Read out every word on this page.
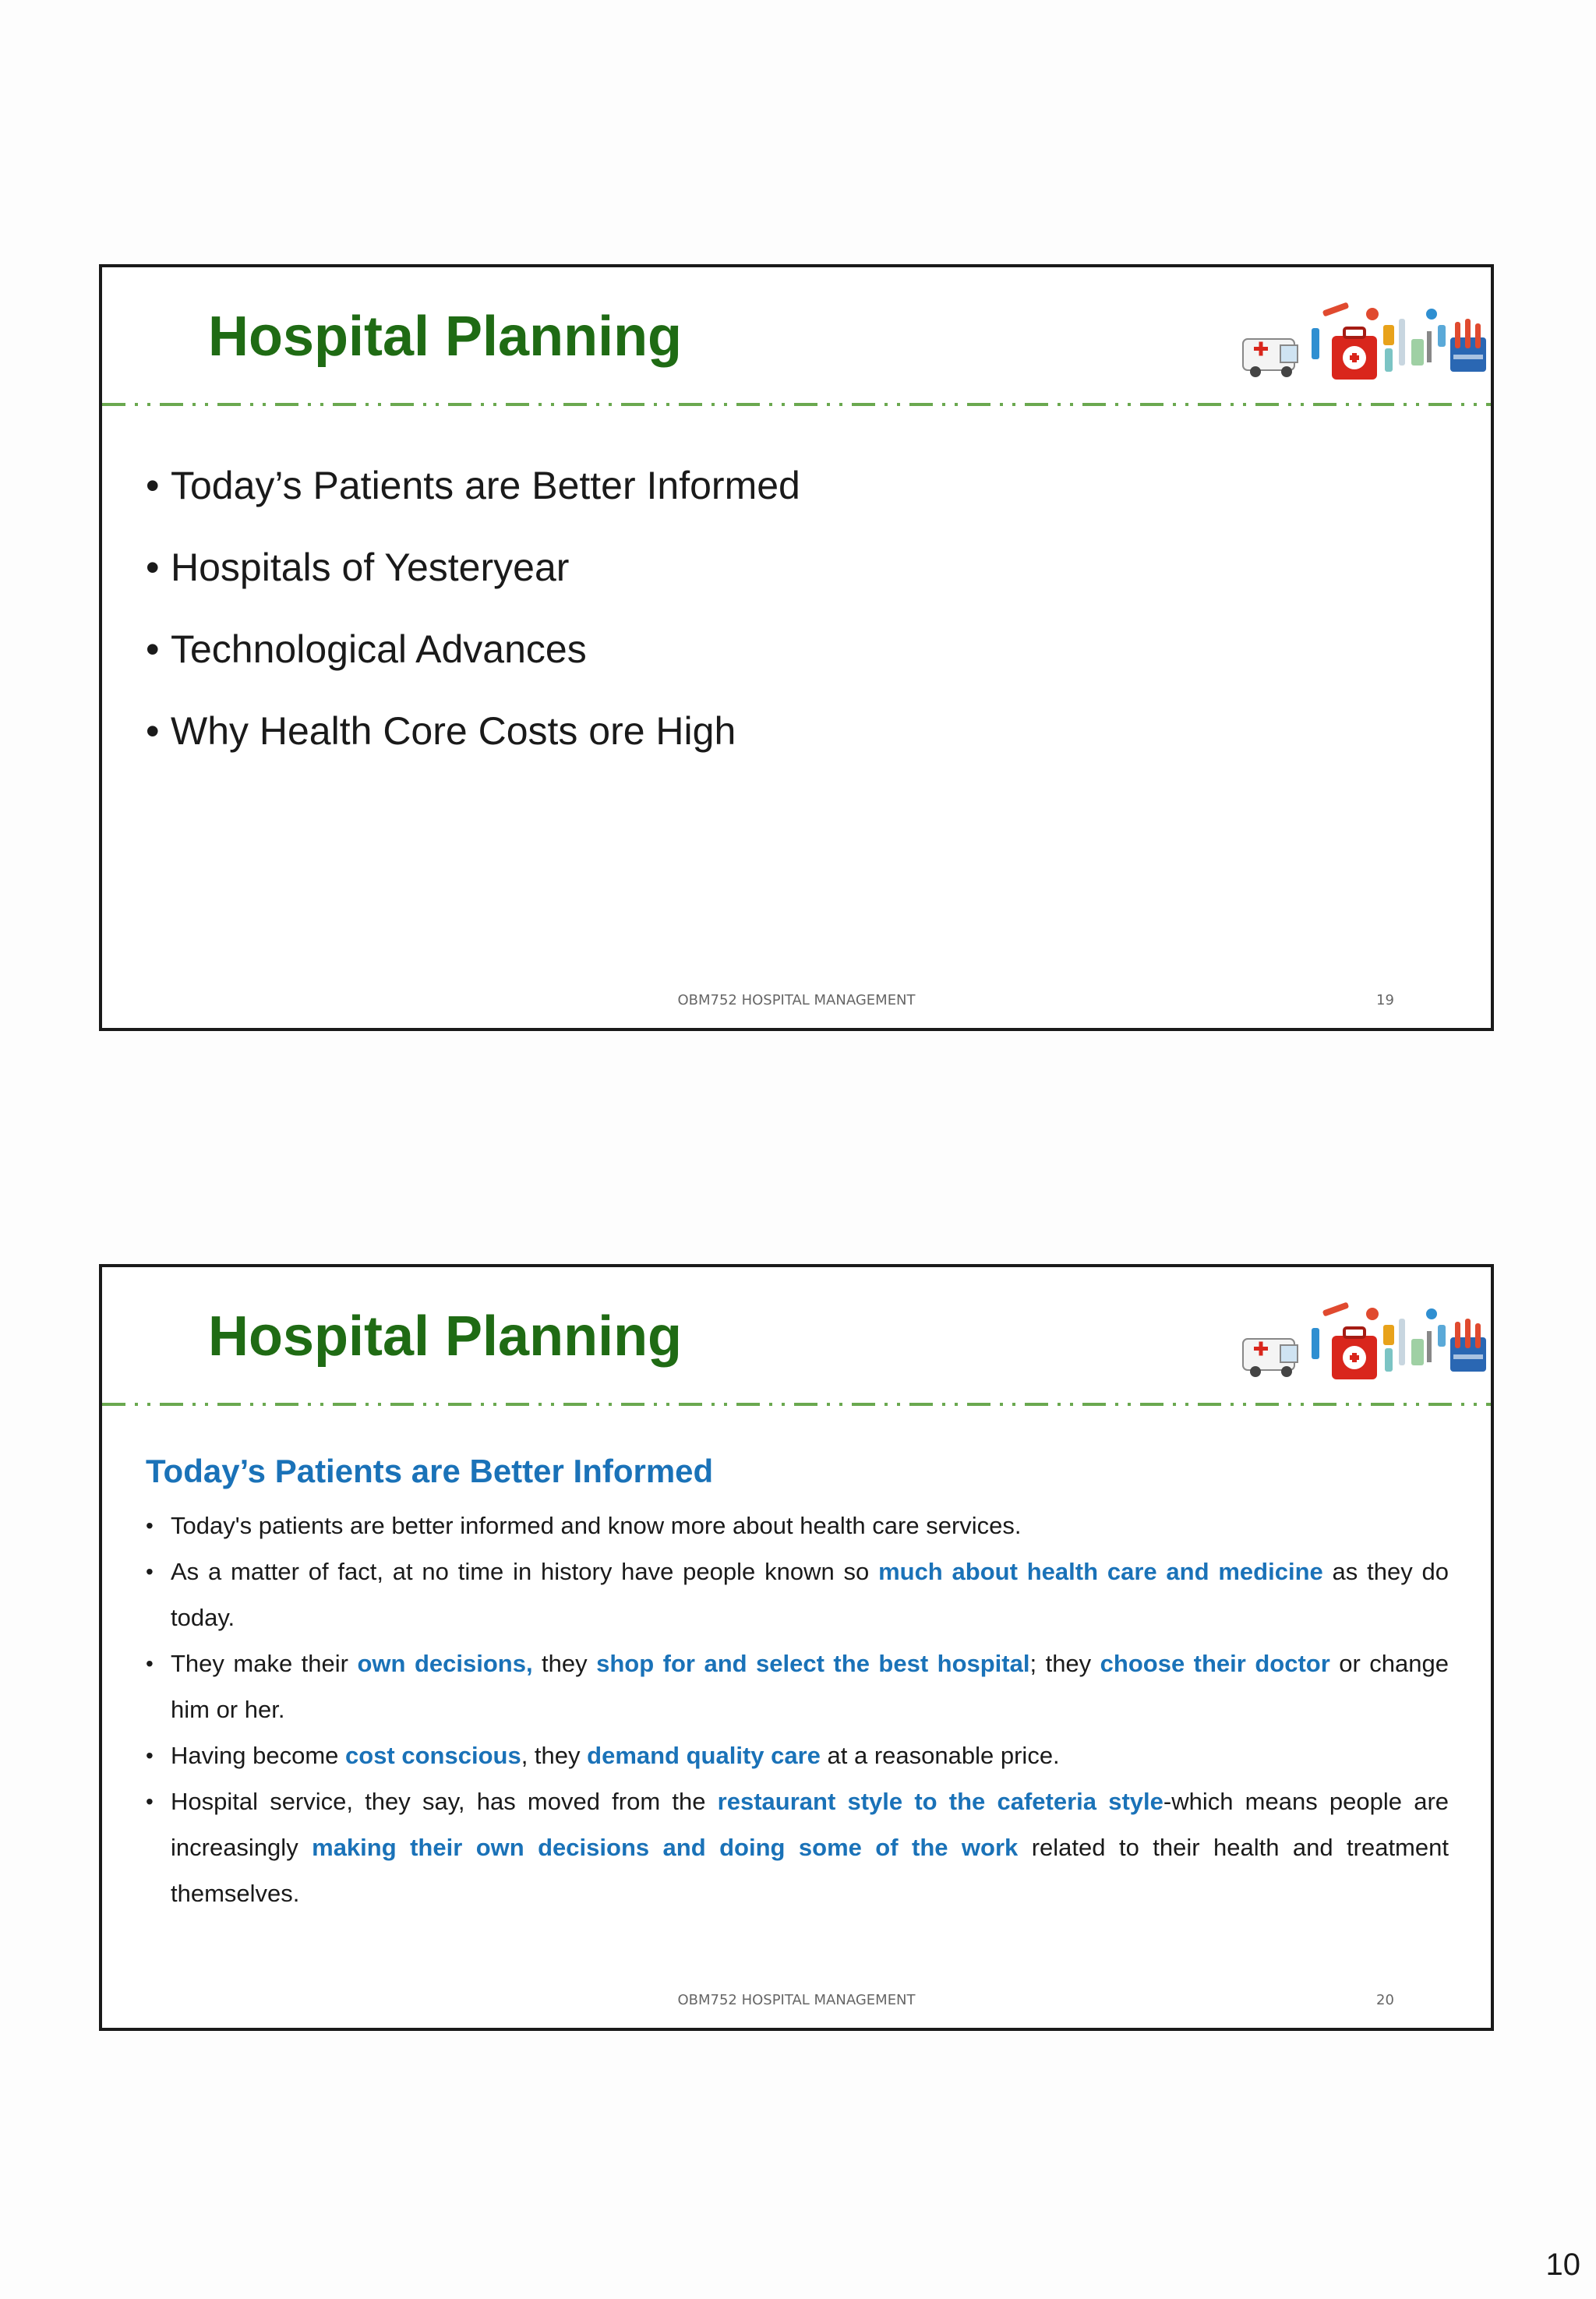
Hospital Planning
• Today’s Patients are Better Informed
• Hospitals of Yesteryear
• Technological Advances
• Why Health Core Costs ore High
OBM752 HOSPITAL MANAGEMENT	19
Hospital Planning
Today’s Patients are Better Informed
• Today's patients are better informed and know more about health care services.
• As a matter of fact, at no time in history have people known so much about health care and medicine as they do today.
• They make their own decisions, they shop for and select the best hospital; they choose their doctor or change him or her.
• Having become cost conscious, they demand quality care at a reasonable price.
• Hospital service, they say, has moved from the restaurant style to the cafeteria style-which means people are increasingly making their own decisions and doing some of the work related to their health and treatment themselves.
OBM752 HOSPITAL MANAGEMENT	20
10
